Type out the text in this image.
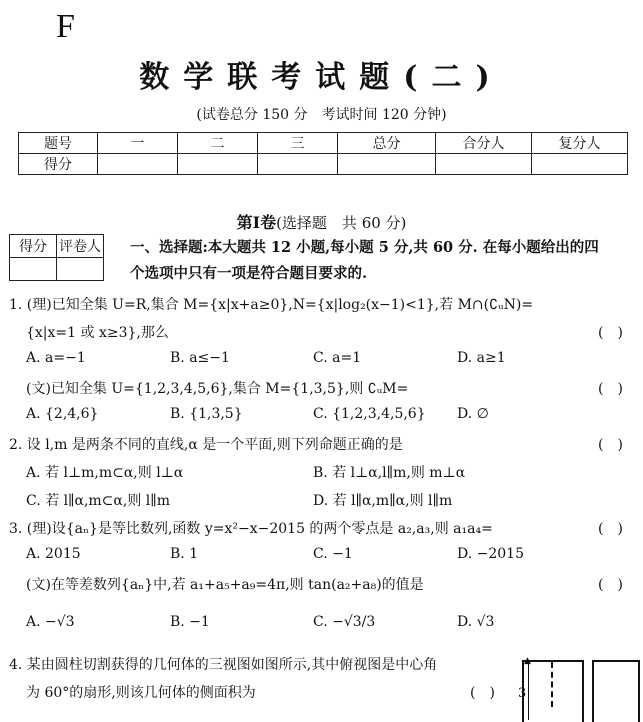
F
数学联考试题(二)
(试卷总分 150 分　考试时间 120 分钟)
题号	一	二	三	总分	合分人	复分人
得分						
第Ⅰ卷(选择题　共 60 分)
得分	评卷人
	一、选择题:本大题共 12 小题,每小题 5 分,共 60 分. 在每小题给出的四
个选项中只有一项是符合题目要求的.
1. (理)已知全集 U=R,集合 M={x|x+a≥0},N={x|log₂(x−1)<1},若 M∩(∁ᵤN)=
{x|x=1 或 x≥3},那么	(　)
A. a=−1	B. a≤−1	C. a=1	D. a≥1
(文)已知全集 U={1,2,3,4,5,6},集合 M={1,3,5},则 ∁ᵤM=	(　)
A. {2,4,6}	B. {1,3,5}	C. {1,2,3,4,5,6} D. ∅
2. 设 l,m 是两条不同的直线,α 是一个平面,则下列命题正确的是	(　)
A. 若 l⊥m,m⊂α,则 l⊥α	B. 若 l⊥α,l∥m,则 m⊥α
C. 若 l∥α,m⊂α,则 l∥m	D. 若 l∥α,m∥α,则 l∥m
3. (理)设{aₙ}是等比数列,函数 y=x²−x−2015 的两个零点是 a₂,a₃,则 a₁a₄=	(　)
A. 2015	B. 1	C. −1	D. −2015
(文)在等差数列{aₙ}中,若 a₁+a₅+a₉=4π,则 tan(a₂+a₈)的值是	(　)
A. −√3	B. −1	C. −√3/3	D. √3
4. 某由圆柱切割获得的几何体的三视图如图所示,其中俯视图是中心角
为 60°的扇形,则该几何体的侧面积为	(　)
▲
3
